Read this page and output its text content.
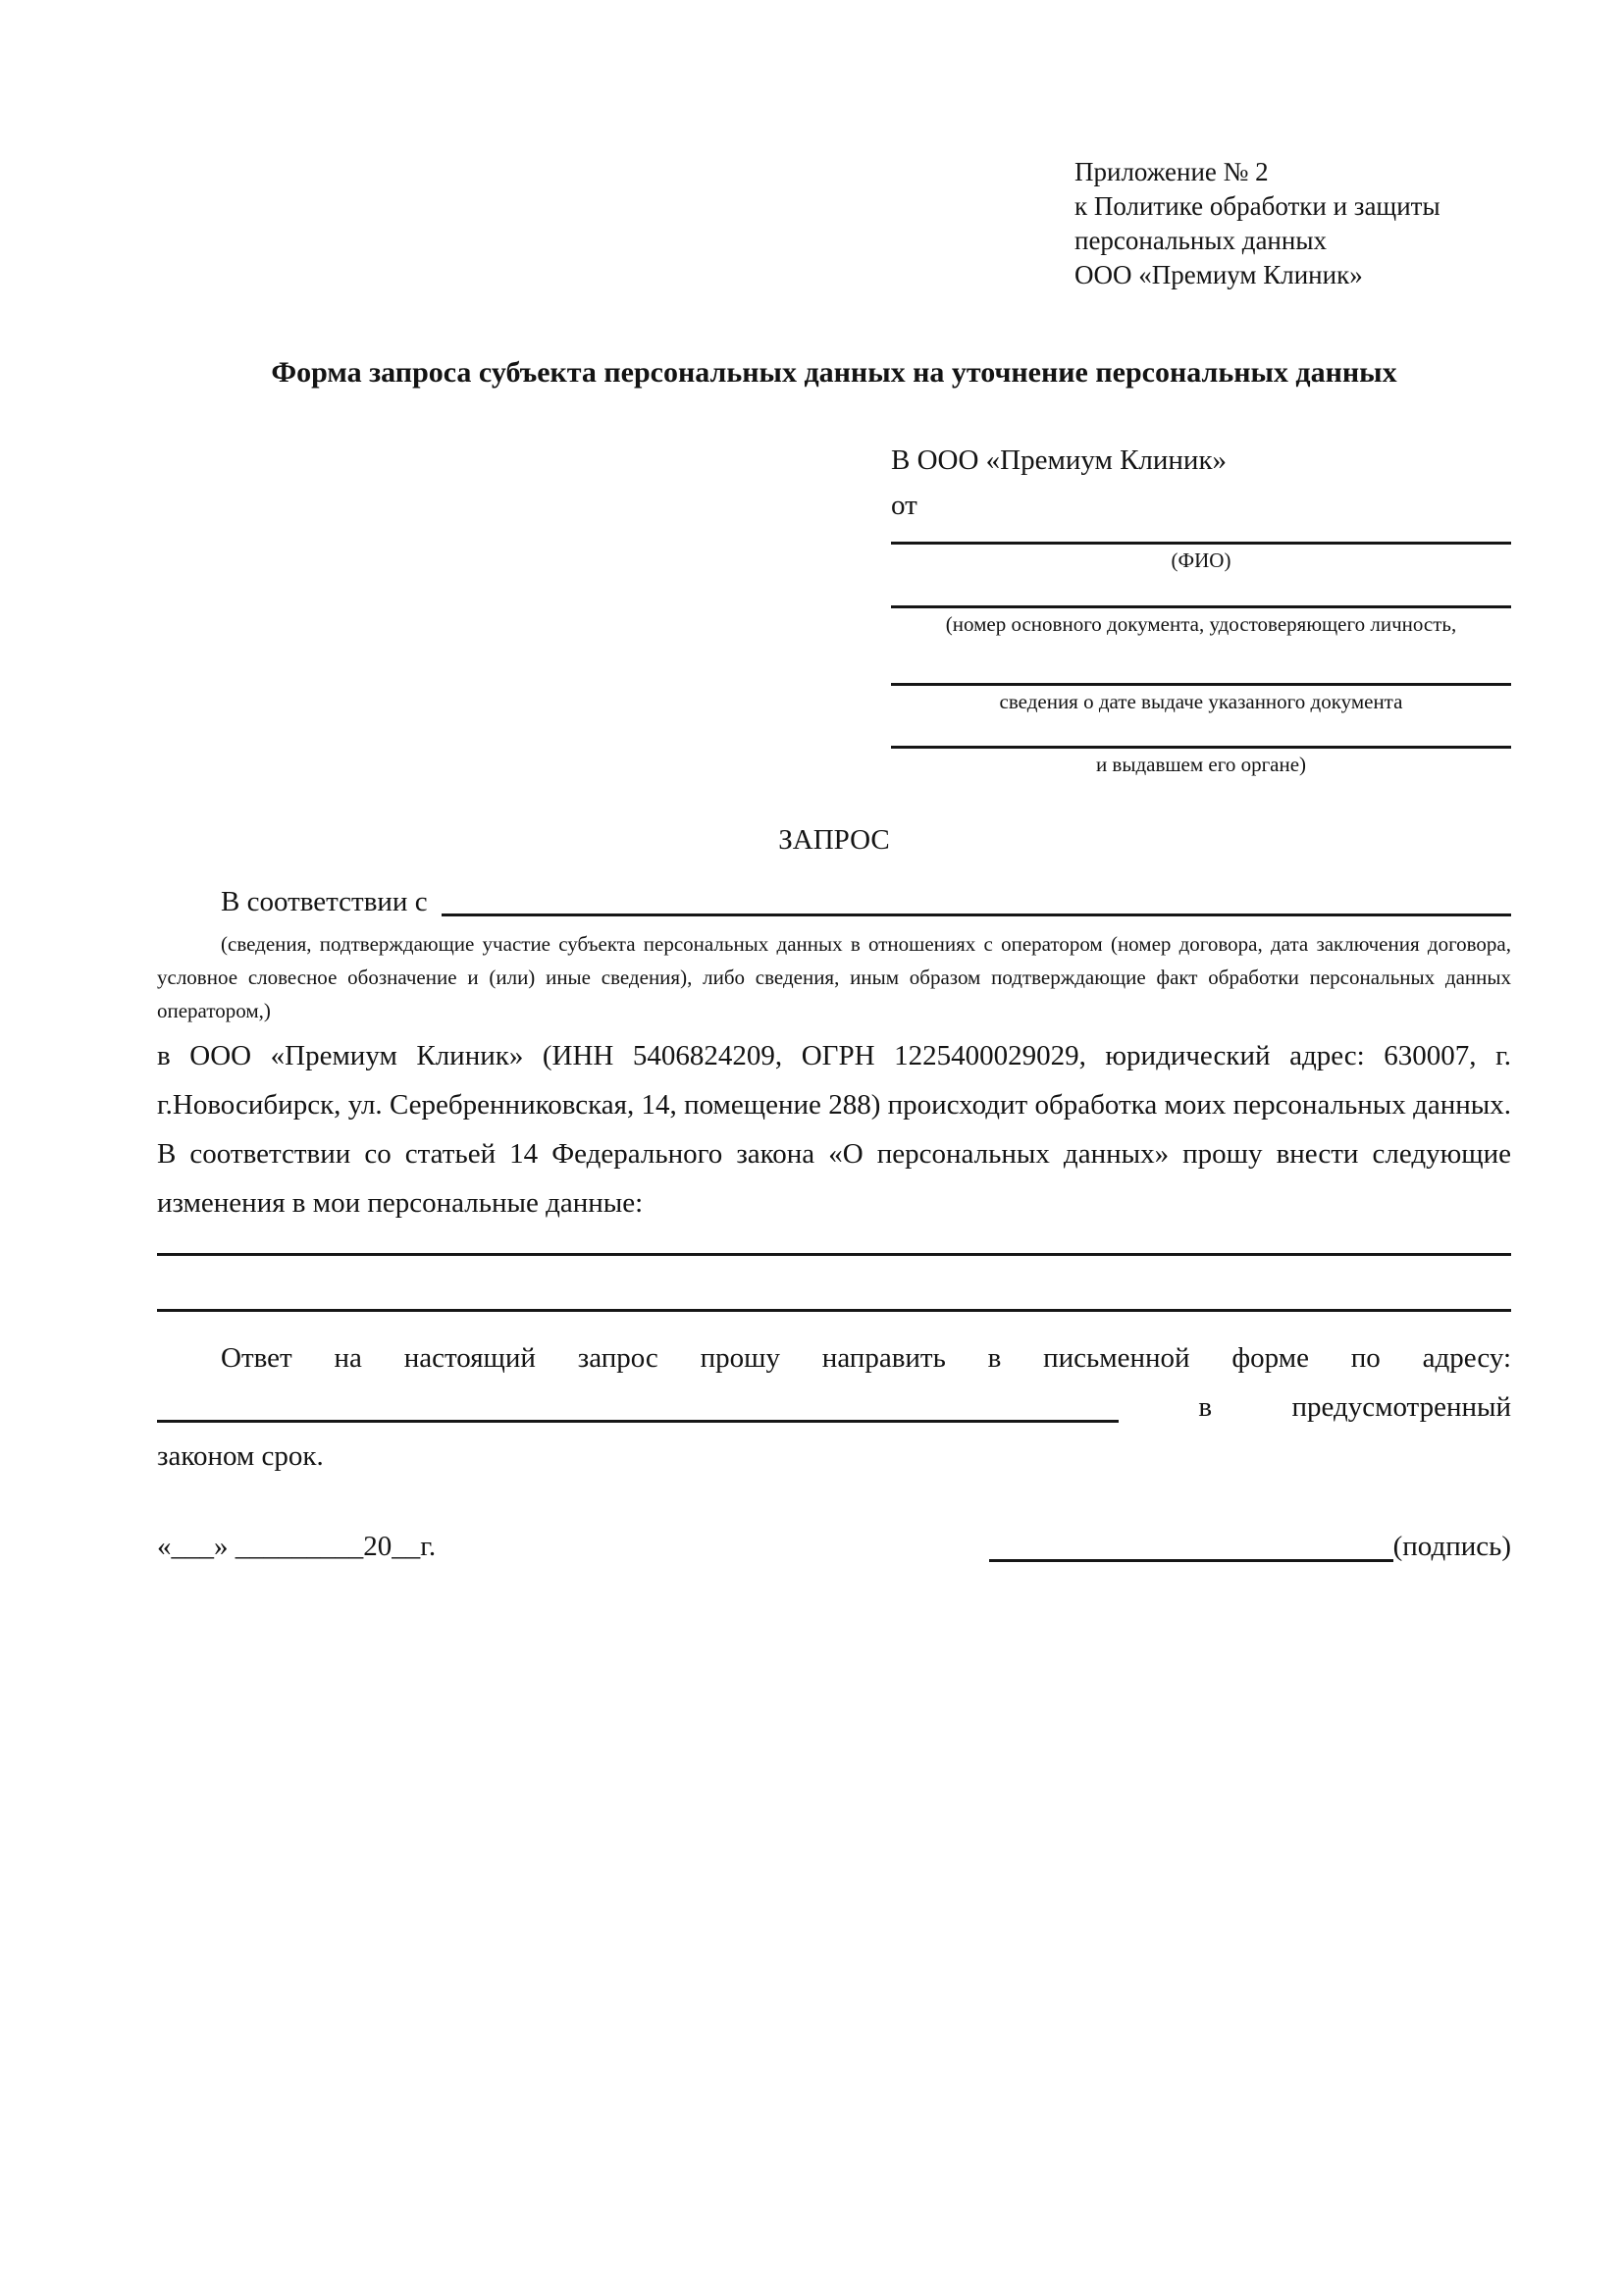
Приложение № 2
к Политике обработки и защиты
персональных данных
ООО «Премиум Клиник»
Форма запроса субъекта персональных данных на уточнение персональных данных
В ООО «Премиум Клиник»
от
(ФИО)
(номер основного документа, удостоверяющего личность,
сведения о дате выдаче указанного документа
и выдавшем его органе)
ЗАПРОС
В соответствии с
(сведения, подтверждающие участие субъекта персональных данных в отношениях с оператором (номер договора, дата заключения договора, условное словесное обозначение и (или) иные сведения), либо сведения, иным образом подтверждающие факт обработки персональных данных оператором,)
в ООО «Премиум Клиник» (ИНН 5406824209, ОГРН 1225400029029, юридический адрес: 630007, г. г.Новосибирск, ул. Серебренниковская, 14, помещение 288) происходит обработка моих персональных данных. В соответствии со статьей 14 Федерального закона «О персональных данных» прошу внести следующие изменения в мои персональные данные:
Ответ на настоящий запрос прошу направить в письменной форме по адресу:
в	предусмотренный
законом срок.
«___» _________20__г.	(подпись)
